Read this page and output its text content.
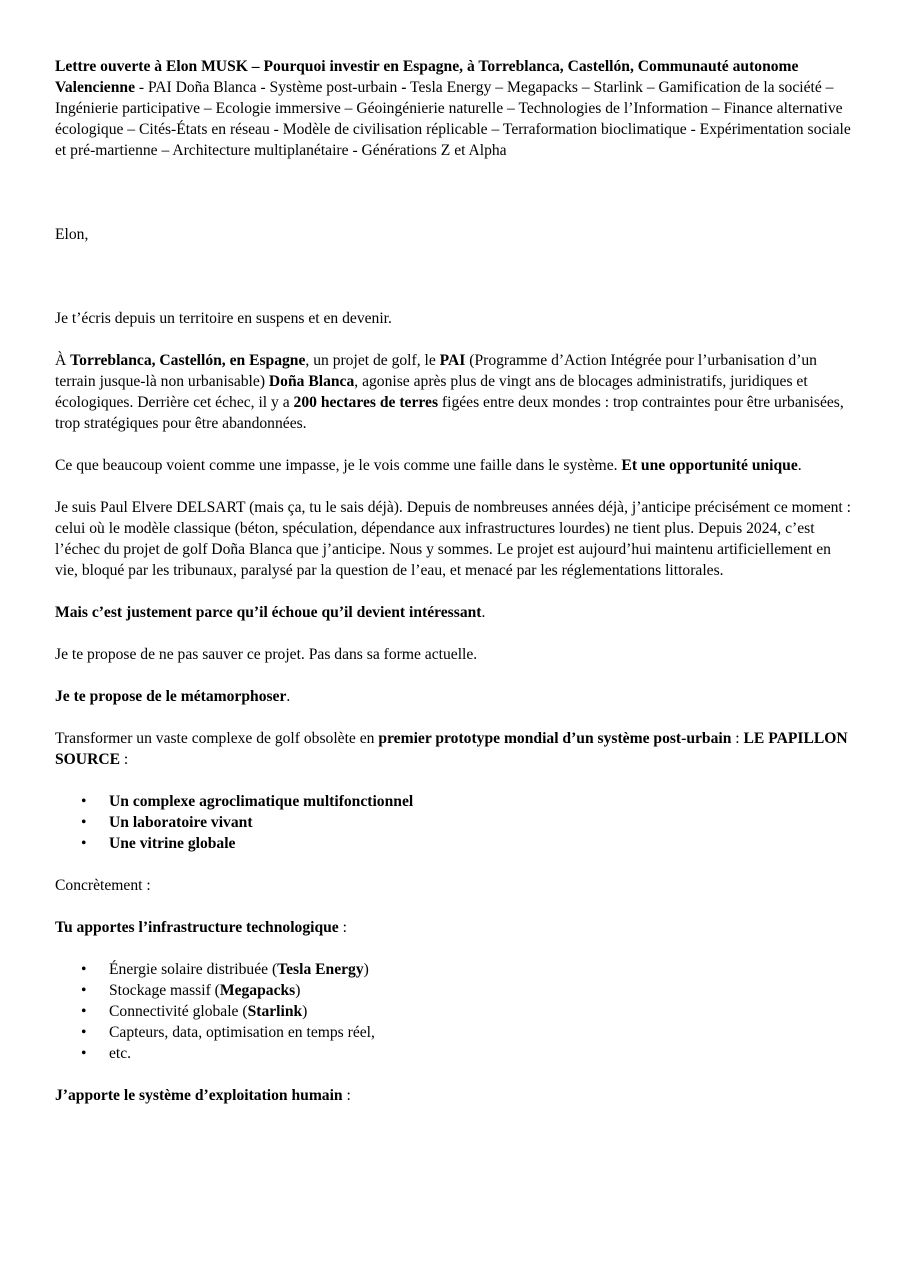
Lettre ouverte à Elon MUSK – Pourquoi investir en Espagne, à Torreblanca, Castellón, Communauté autonome Valencienne - PAI Doña Blanca - Système post-urbain - Tesla Energy – Megapacks – Starlink – Gamification de la société – Ingénierie participative – Ecologie immersive – Géoingénierie naturelle – Technologies de l’Information – Finance alternative écologique – Cités-États en réseau - Modèle de civilisation réplicable – Terraformation bioclimatique - Expérimentation sociale et pré-martienne – Architecture multiplanétaire - Générations Z et Alpha

Elon,

Je t’écris depuis un territoire en suspens et en devenir.

À Torreblanca, Castellón, en Espagne, un projet de golf, le PAI (Programme d’Action Intégrée pour l’urbanisation d’un terrain jusque-là non urbanisable) Doña Blanca, agonise après plus de vingt ans de blocages administratifs, juridiques et écologiques. Derrière cet échec, il y a 200 hectares de terres figées entre deux mondes : trop contraintes pour être urbanisées, trop stratégiques pour être abandonnées.

Ce que beaucoup voient comme une impasse, je le vois comme une faille dans le système. Et une opportunité unique.

Je suis Paul Elvere DELSART (mais ça, tu le sais déjà). Depuis de nombreuses années déjà, j’anticipe précisément ce moment : celui où le modèle classique (béton, spéculation, dépendance aux infrastructures lourdes) ne tient plus. Depuis 2024, c’est l’échec du projet de golf Doña Blanca que j’anticipe. Nous y sommes. Le projet est aujourd’hui maintenu artificiellement en vie, bloqué par les tribunaux, paralysé par la question de l’eau, et menacé par les réglementations littorales.

Mais c’est justement parce qu’il échoue qu’il devient intéressant.

Je te propose de ne pas sauver ce projet. Pas dans sa forme actuelle.

Je te propose de le métamorphoser.

Transformer un vaste complexe de golf obsolète en premier prototype mondial d’un système post-urbain : LE PAPILLON SOURCE :

• Un complexe agroclimatique multifonctionnel
• Un laboratoire vivant
• Une vitrine globale

Concrètement :

Tu apportes l’infrastructure technologique :

• Énergie solaire distribuée (Tesla Energy)
• Stockage massif (Megapacks)
• Connectivité globale (Starlink)
• Capteurs, data, optimisation en temps réel,
• etc.

J’apporte le système d’exploitation humain :
